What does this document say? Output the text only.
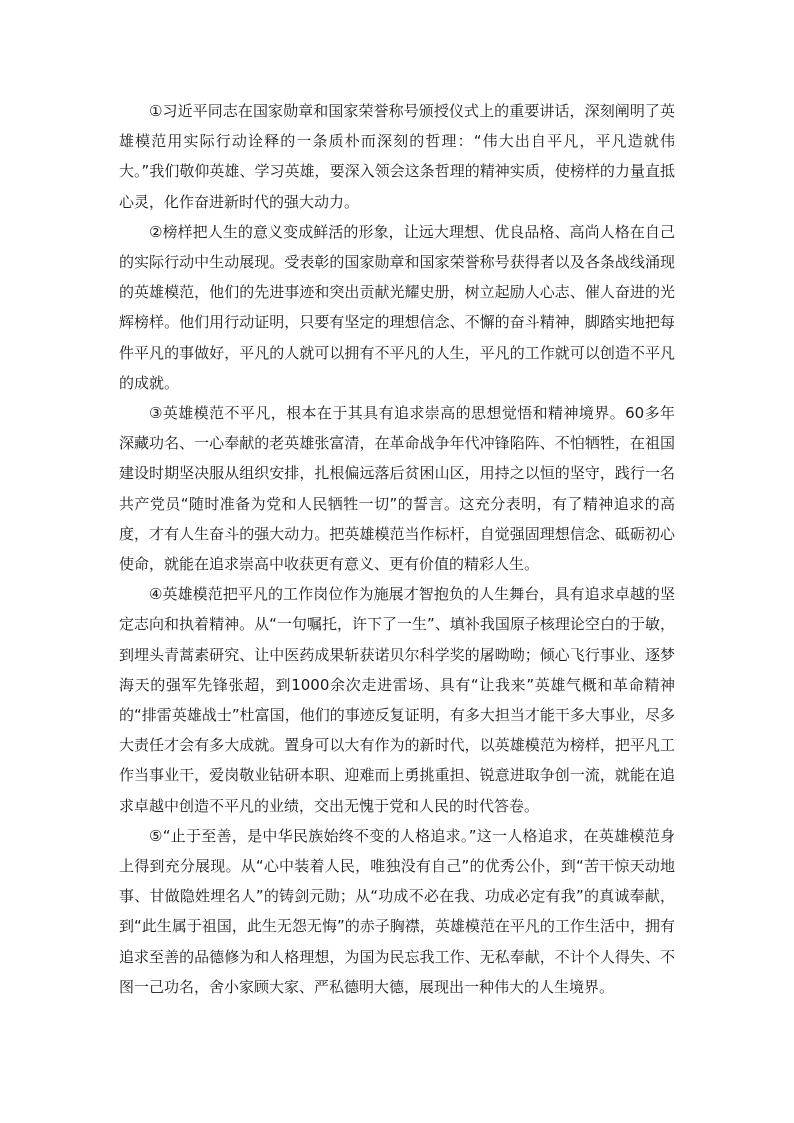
①习近平同志在国家勋章和国家荣誉称号颁授仪式上的重要讲话，深刻阐明了英雄模范用实际行动诠释的一条质朴而深刻的哲理：“伟大出自平凡，平凡造就伟大。”我们敬仰英雄、学习英雄，要深入领会这条哲理的精神实质，使榜样的力量直抵心灵，化作奋进新时代的强大动力。

②榜样把人生的意义变成鲜活的形象，让远大理想、优良品格、高尚人格在自己的实际行动中生动展现。受表彰的国家勋章和国家荣誉称号获得者以及各条战线涌现的英雄模范，他们的先进事迹和突出贡献光耀史册，树立起励人心志、催人奋进的光辉榜样。他们用行动证明，只要有坚定的理想信念、不懈的奋斗精神，脚踏实地把每件平凡的事做好，平凡的人就可以拥有不平凡的人生，平凡的工作就可以创造不平凡的成就。

③英雄模范不平凡，根本在于其具有追求崇高的思想觉悟和精神境界。60多年深藏功名、一心奉献的老英雄张富清，在革命战争年代冲锋陷阵、不怕牺牲，在祖国建设时期坚决服从组织安排，扎根偏远落后贫困山区，用持之以恒的坚守，践行一名共产党员“随时准备为党和人民牺牲一切”的誓言。这充分表明，有了精神追求的高度，才有人生奋斗的强大动力。把英雄模范当作标杆，自觉强固理想信念、砥砺初心使命，就能在追求崇高中收获更有意义、更有价值的精彩人生。

④英雄模范把平凡的工作岗位作为施展才智抱负的人生舞台，具有追求卓越的坚定志向和执着精神。从“一句嘱托，许下了一生”、填补我国原子核理论空白的于敏，到埋头青蒿素研究、让中医药成果斩获诺贝尔科学奖的屠呦呦；倾心飞行事业、逐梦海天的强军先锋张超，到1000余次走进雷场、具有“让我来”英雄气概和革命精神的“排雷英雄战士”杜富国，他们的事迹反复证明，有多大担当才能干多大事业，尽多大责任才会有多大成就。置身可以大有作为的新时代，以英雄模范为榜样，把平凡工作当事业干，爱岗敬业钻研本职、迎难而上勇挑重担、锐意进取争创一流，就能在追求卓越中创造不平凡的业绩，交出无愧于党和人民的时代答卷。

⑤“止于至善，是中华民族始终不变的人格追求。”这一人格追求，在英雄模范身上得到充分展现。从“心中装着人民，唯独没有自己”的优秀公仆，到“苦干惊天动地事、甘做隐姓埋名人”的铸剑元勋；从“功成不必在我、功成必定有我”的真诚奉献，到“此生属于祖国，此生无怨无悔”的赤子胸襟，英雄模范在平凡的工作生活中，拥有追求至善的品德修为和人格理想，为国为民忘我工作、无私奉献，不计个人得失、不图一己功名，舍小家顾大家、严私德明大德，展现出一种伟大的人生境界。
